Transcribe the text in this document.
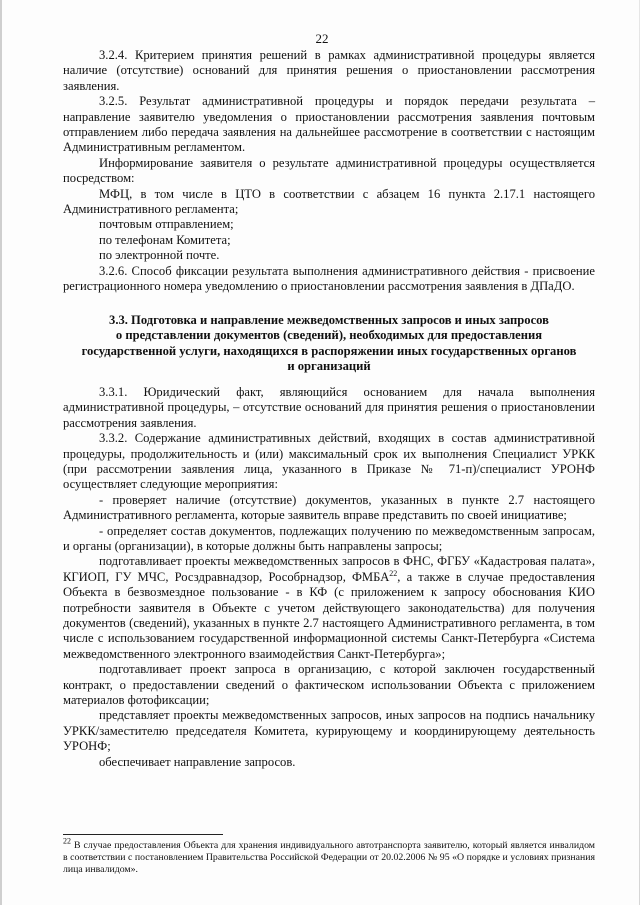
22

3.2.4. Критерием принятия решений в рамках административной процедуры является наличие (отсутствие) оснований для принятия решения о приостановлении рассмотрения заявления.

3.2.5. Результат административной процедуры и порядок передачи результата – направление заявителю уведомления о приостановлении рассмотрения заявления почтовым отправлением либо передача заявления на дальнейшее рассмотрение в соответствии с настоящим Административным регламентом.

Информирование заявителя о результате административной процедуры осуществляется посредством:

МФЦ, в том числе в ЦТО в соответствии с абзацем 16 пункта 2.17.1 настоящего Административного регламента;

почтовым отправлением;

по телефонам Комитета;

по электронной почте.

3.2.6. Способ фиксации результата выполнения административного действия - присвоение регистрационного номера уведомлению о приостановлении рассмотрения заявления в ДПаДО.

3.3. Подготовка и направление межведомственных запросов и иных запросов
о представлении документов (сведений), необходимых для предоставления
государственной услуги, находящихся в распоряжении иных государственных органов
и организаций

3.3.1. Юридический факт, являющийся основанием для начала выполнения административной процедуры, – отсутствие оснований для принятия решения о приостановлении рассмотрения заявления.

3.3.2. Содержание административных действий, входящих в состав административной процедуры, продолжительность и (или) максимальный срок их выполнения Специалист УРКК (при рассмотрении заявления лица, указанного в Приказе № 71-п)/специалист УРОНФ осуществляет следующие мероприятия:

- проверяет наличие (отсутствие) документов, указанных в пункте 2.7 настоящего Административного регламента, которые заявитель вправе представить по своей инициативе;

- определяет состав документов, подлежащих получению по межведомственным запросам, и органы (организации), в которые должны быть направлены запросы;

подготавливает проекты межведомственных запросов в ФНС, ФГБУ «Кадастровая палата», КГИОП, ГУ МЧС, Росздравнадзор, Рособрнадзор, ФМБА$^{22}$, а также в случае предоставления Объекта в безвозмездное пользование - в КФ (с приложением к запросу обоснования КИО потребности заявителя в Объекте с учетом действующего законодательства) для получения документов (сведений), указанных в пункте 2.7 настоящего Административного регламента, в том числе с использованием государственной информационной системы Санкт-Петербурга «Система межведомственного электронного взаимодействия Санкт-Петербурга»;

подготавливает проект запроса в организацию, с которой заключен государственный контракт, о предоставлении сведений о фактическом использовании Объекта с приложением материалов фотофиксации;

представляет проекты межведомственных запросов, иных запросов на подпись начальнику УРКК/заместителю председателя Комитета, курирующему и координирующему деятельность УРОНФ;

обеспечивает направление запросов.

$^{22}$ В случае предоставления Объекта для хранения индивидуального автотранспорта заявителю, который является инвалидом в соответствии с постановлением Правительства Российской Федерации от 20.02.2006 № 95 «О порядке и условиях признания лица инвалидом».
